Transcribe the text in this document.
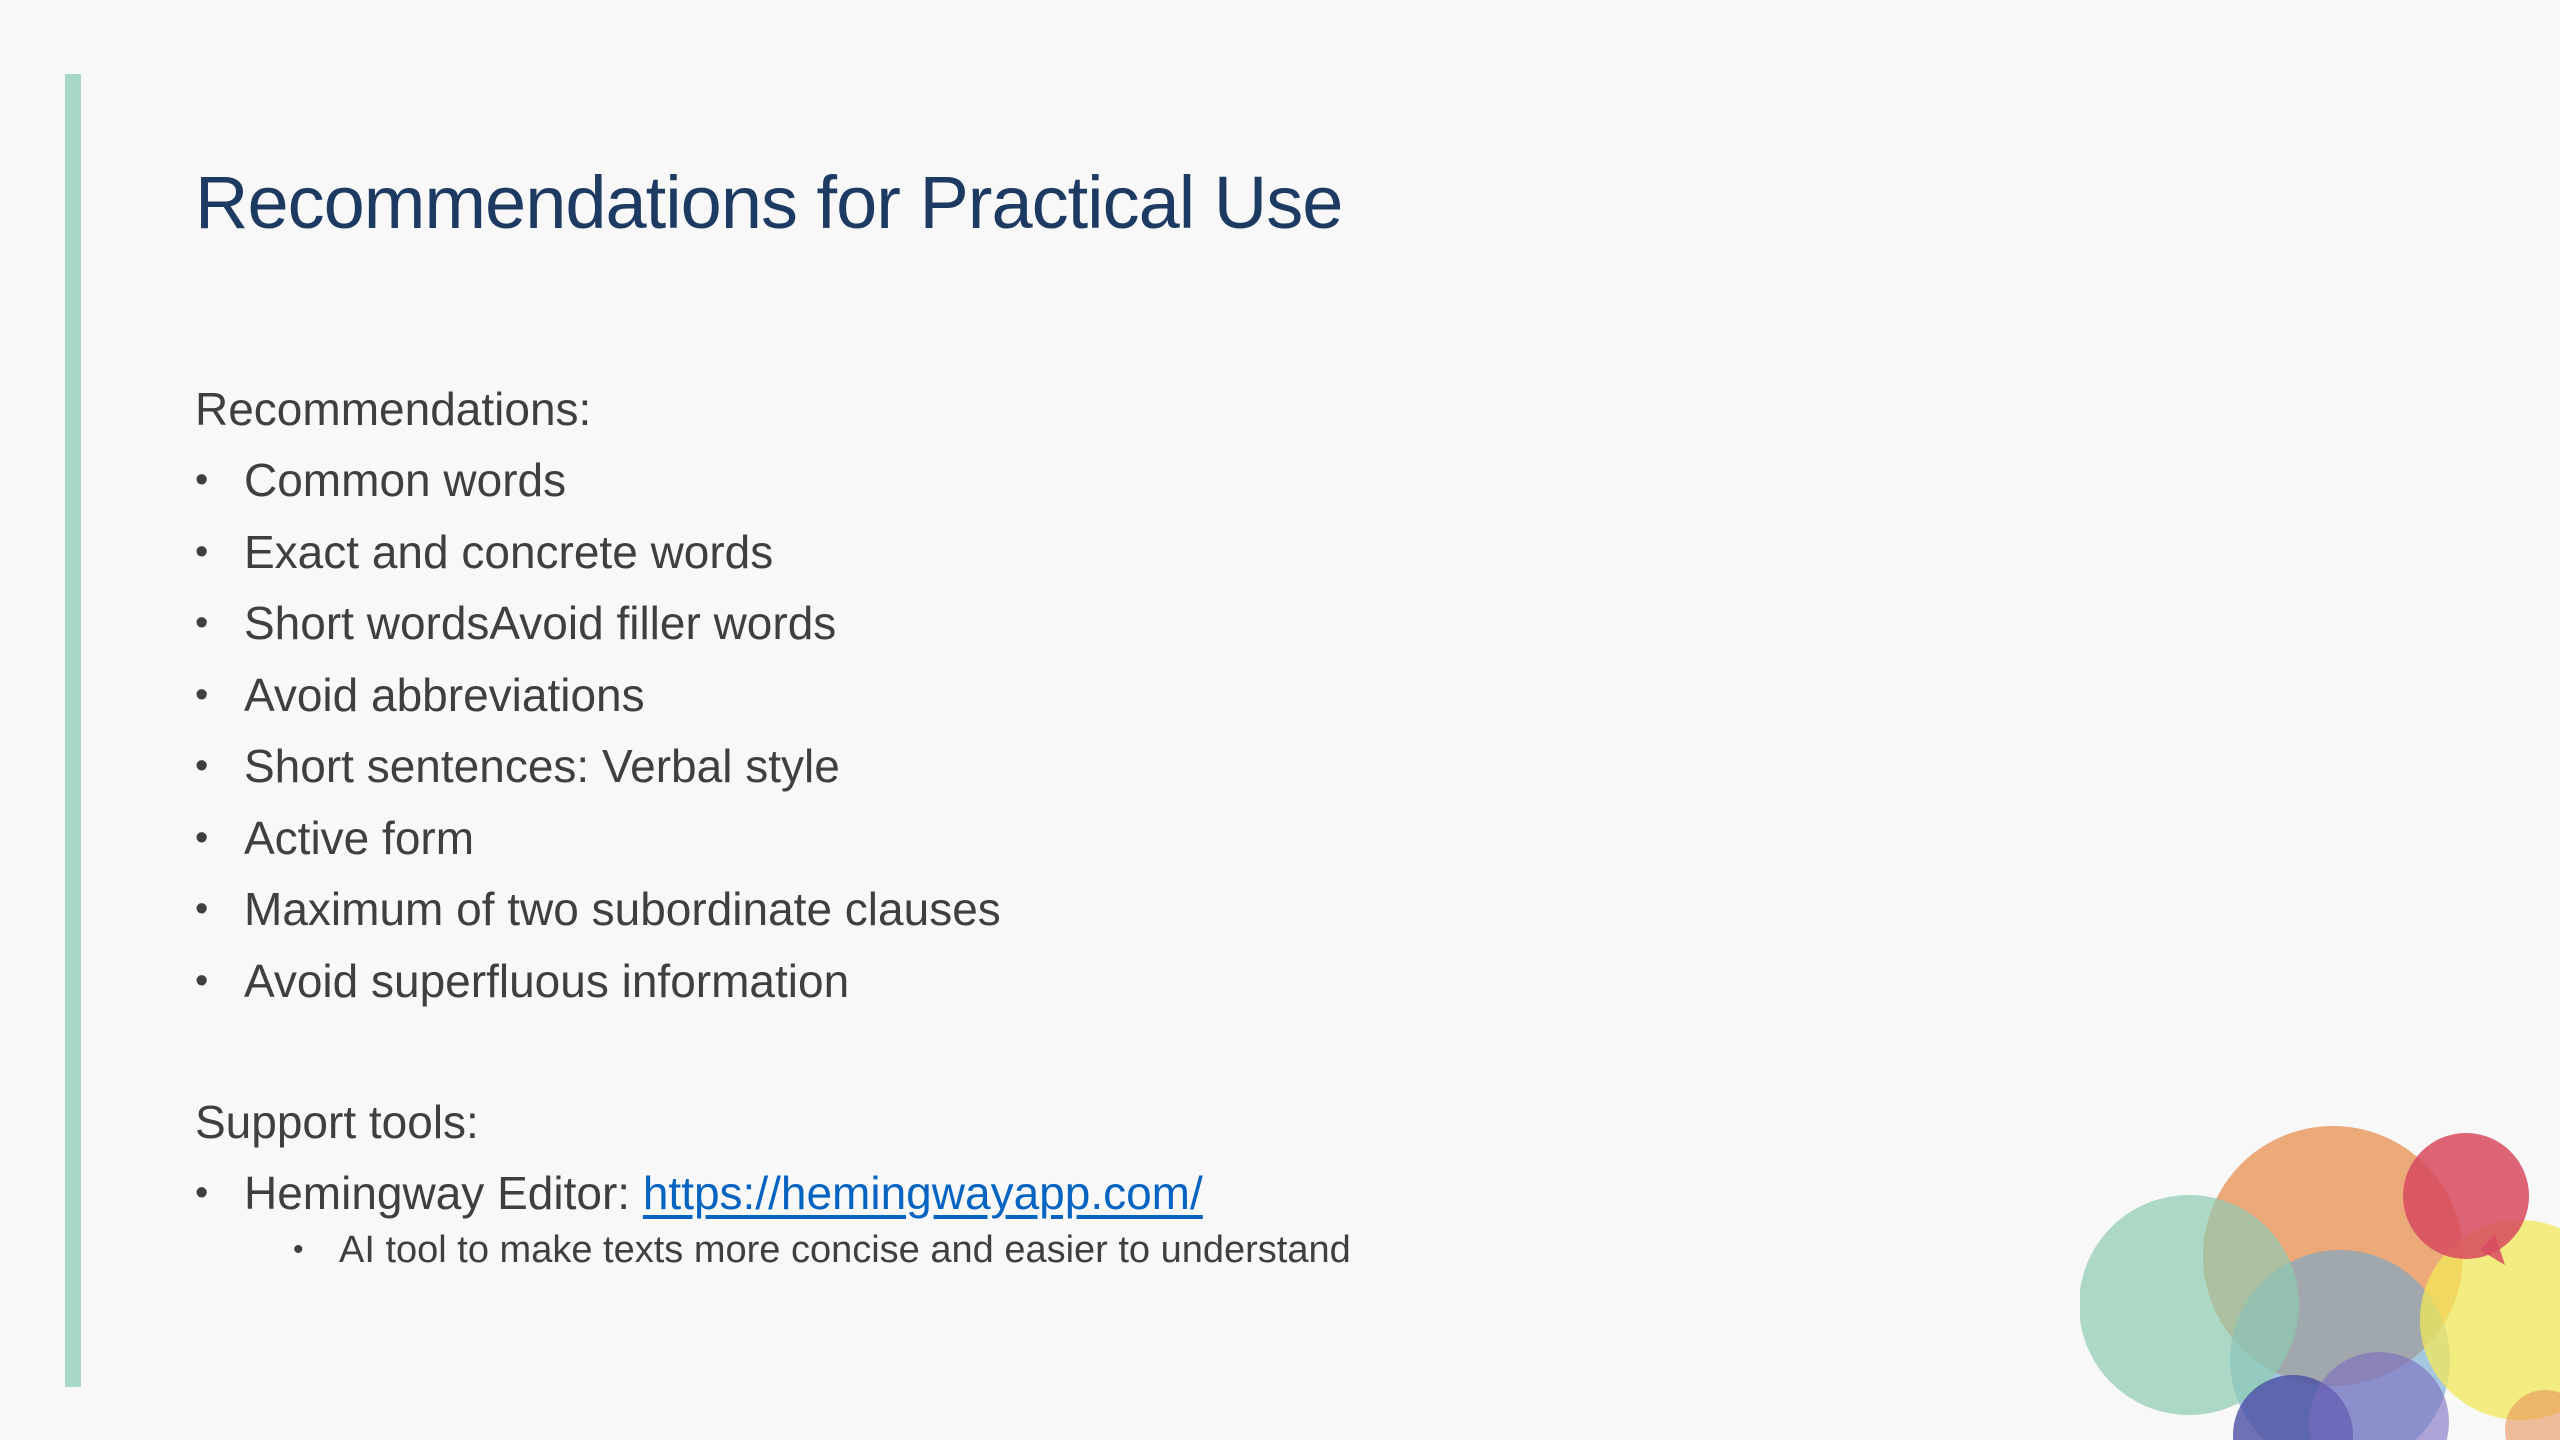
Recommendations for Practical Use

Recommendations:

• Common words
• Exact and concrete words
• Short wordsAvoid filler words
• Avoid abbreviations
• Short sentences: Verbal style
• Active form
• Maximum of two subordinate clauses
• Avoid superfluous information

Support tools:

• Hemingway Editor: https://hemingwayapp.com/
• AI tool to make texts more concise and easier to understand
